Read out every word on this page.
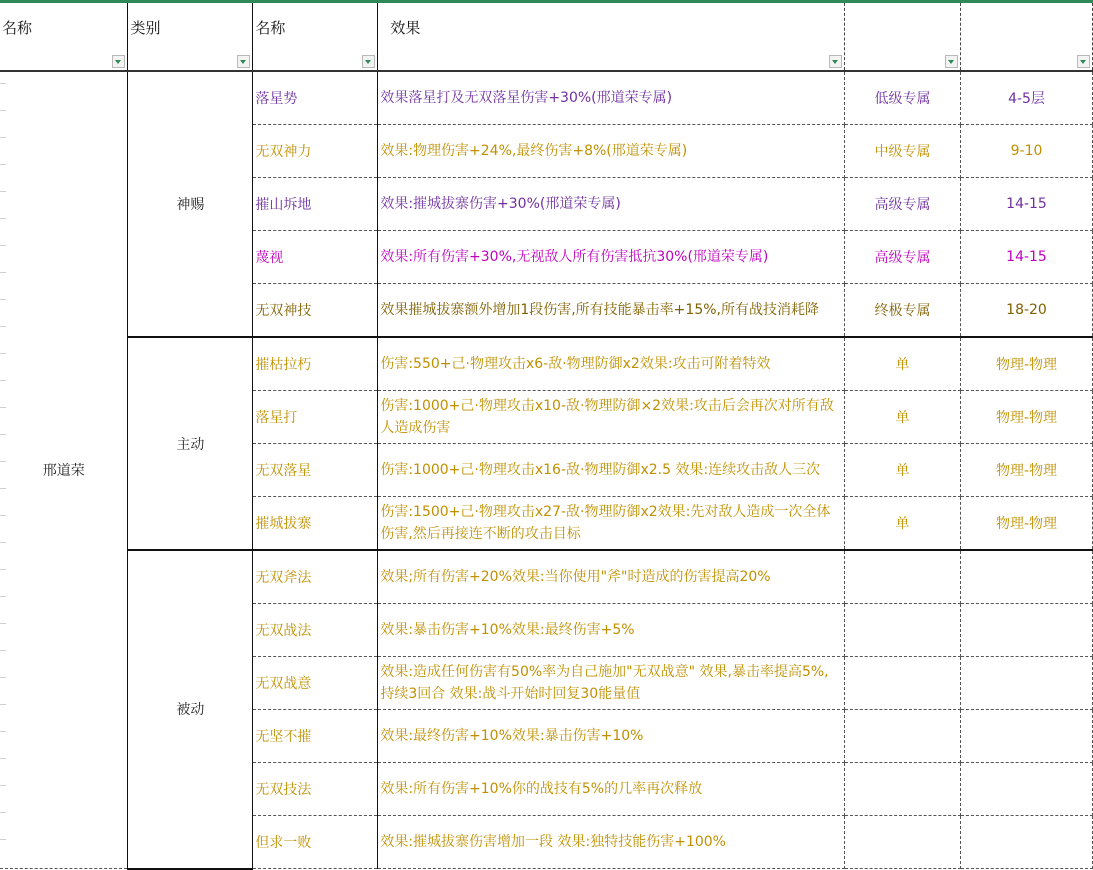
名称	类别	名称	效果

邢道荣	神赐	落星势	效果落星打及无双落星伤害+30%(邢道荣专属)	低级专属	4-5层
		无双神力	效果:物理伤害+24%,最终伤害+8%(邢道荣专属)	中级专属	9-10
		摧山坼地	效果:摧城拔寨伤害+30%(邢道荣专属)	高级专属	14-15
		蔑视	效果:所有伤害+30%,无视敌人所有伤害抵抗30%(邢道荣专属)	高级专属	14-15
		无双神技	效果摧城拔寨额外增加1段伤害,所有技能暴击率+15%,所有战技消耗降	终极专属	18-20
	主动	摧枯拉朽	伤害:550+己·物理攻击x6-敌·物理防御x2效果:攻击可附着特效	单	物理-物理
		落星打	伤害:1000+己·物理攻击x10-敌·物理防御×2效果:攻击后会再次对所有敌人造成伤害	单	物理-物理
		无双落星	伤害:1000+己·物理攻击x16-敌·物理防御x2.5 效果:连续攻击敌人三次	单	物理-物理
		摧城拔寨	伤害:1500+己·物理攻击x27-敌·物理防御x2效果:先对敌人造成一次全体伤害,然后再接连不断的攻击目标	单	物理-物理
	被动	无双斧法	效果;所有伤害+20%效果:当你使用"斧"时造成的伤害提高20%		
		无双战法	效果:暴击伤害+10%效果:最终伤害+5%		
		无双战意	效果:造成任何伤害有50%率为自己施加"无双战意" 效果,暴击率提高5%,持续3回合 效果:战斗开始时回复30能量值		
		无坚不摧	效果:最终伤害+10%效果:暴击伤害+10%		
		无双技法	效果:所有伤害+10%你的战技有5%的几率再次释放		
		但求一败	效果:摧城拔寨伤害增加一段 效果:独特技能伤害+100%		
